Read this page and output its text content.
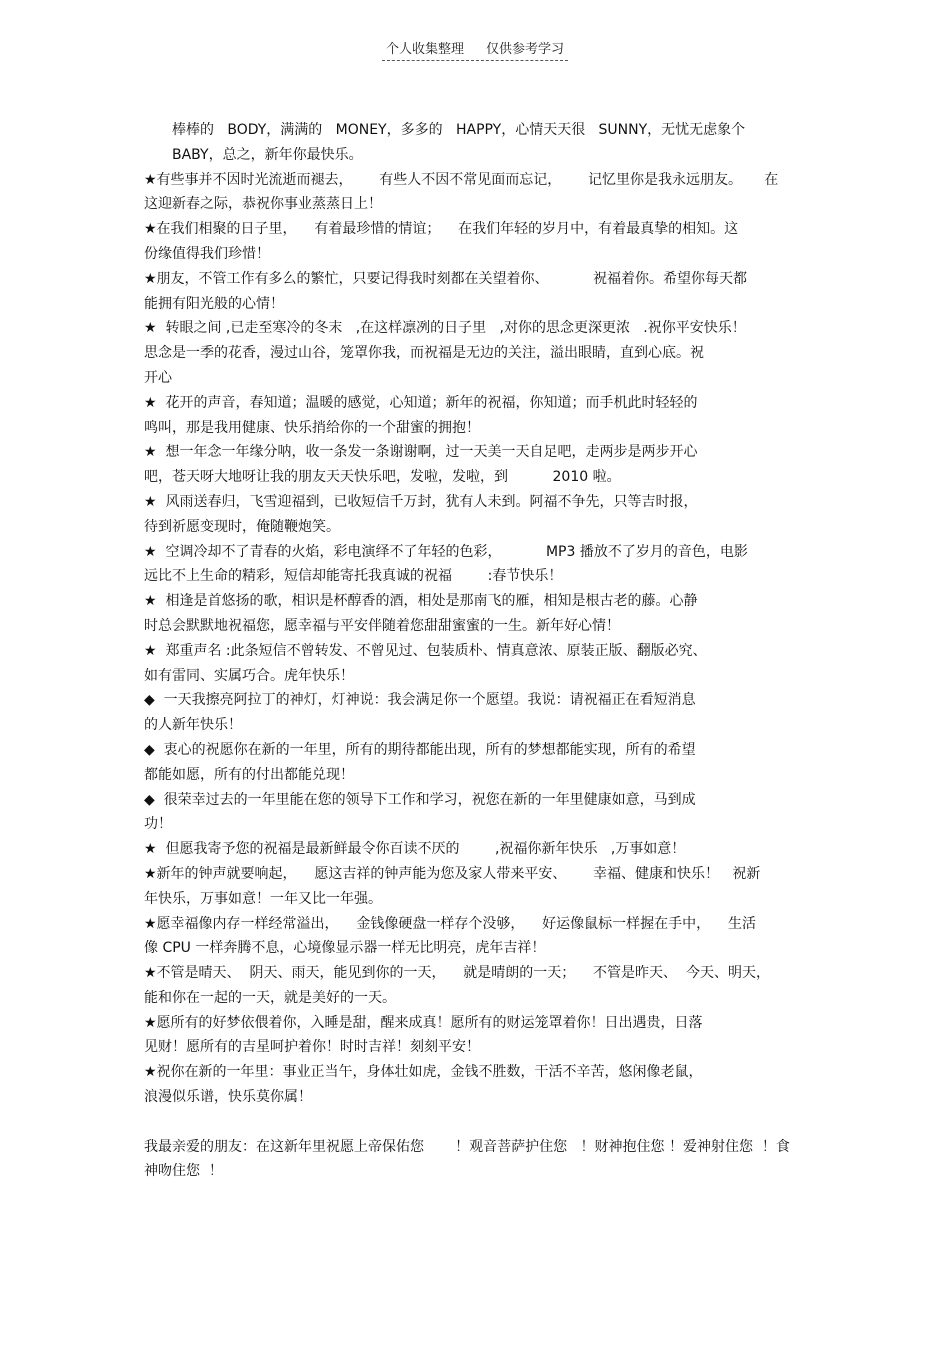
个人收集整理 仅供参考学习
棒棒的   BODY，满满的   MONEY，多多的   HAPPY，心情天天很   SUNNY，无忧无虑象个
BABY，总之，新年你最快乐。
★有些事并不因时光流逝而褪去，      有些人不因不常见面而忘记，      记忆里你是我永远朋友。     在
这迎新春之际，恭祝你事业蒸蒸日上！
★在我们相聚的日子里，    有着最珍惜的情谊；    在我们年轻的岁月中，有着最真挚的相知。这
份缘值得我们珍惜！
★朋友，不管工作有多么的繁忙，只要记得我时刻都在关望着你、          祝福着你。希望你每天都
能拥有阳光般的心情！
★  转眼之间 ,已走至寒冷的冬末   ,在这样凛冽的日子里   ,对你的思念更深更浓   .祝你平安快乐！
思念是一季的花香，漫过山谷，笼罩你我，而祝福是无边的关注，溢出眼睛，直到心底。祝
开心
★  花开的声音，春知道；温暖的感觉，心知道；新年的祝福，你知道；而手机此时轻轻的
鸣叫，那是我用健康、快乐捎给你的一个甜蜜的拥抱！
★  想一年念一年缘分呐，收一条发一条谢谢啊，过一天美一天自足吧，走两步是两步开心
吧，苍天呀大地呀让我的朋友天天快乐吧，发啦，发啦，到          2010 啦。
★  风雨送春归，飞雪迎福到，已收短信千万封，犹有人未到。阿福不争先，只等吉时报，
待到祈愿变现时，俺随鞭炮笑。
★  空调冷却不了青春的火焰，彩电演绎不了年轻的色彩，          MP3 播放不了岁月的音色，电影
远比不上生命的精彩，短信却能寄托我真诚的祝福        :春节快乐！
★  相逢是首悠扬的歌，相识是杯醇香的酒，相处是那南飞的雁，相知是根古老的藤。心静
时总会默默地祝福您，愿幸福与平安伴随着您甜甜蜜蜜的一生。新年好心情！
★  郑重声名 :此条短信不曾转发、不曾见过、包装质朴、情真意浓、原装正版、翻版必究、
如有雷同、实属巧合。虎年快乐！
◆  一天我擦亮阿拉丁的神灯，灯神说：我会满足你一个愿望。我说：请祝福正在看短消息
的人新年快乐！
◆  衷心的祝愿你在新的一年里，所有的期待都能出现，所有的梦想都能实现，所有的希望
都能如愿，所有的付出都能兑现！
◆  很荣幸过去的一年里能在您的领导下工作和学习，祝您在新的一年里健康如意，马到成
功！
★  但愿我寄予您的祝福是最新鲜最令你百读不厌的        ,祝福你新年快乐   ,万事如意！
★新年的钟声就要响起，    愿这吉祥的钟声能为您及家人带来平安、      幸福、健康和快乐！   祝新
年快乐，万事如意！一年又比一年强。
★愿幸福像内存一样经常溢出，    金钱像硬盘一样存个没够，    好运像鼠标一样握在手中，    生活
像 CPU 一样奔腾不息，心境像显示器一样无比明亮，虎年吉祥！
★不管是晴天、  阴天、雨天，能见到你的一天，    就是晴朗的一天；    不管是昨天、  今天、明天，
能和你在一起的一天，就是美好的一天。
★愿所有的好梦依偎着你，入睡是甜，醒来成真！愿所有的财运笼罩着你！日出遇贵，日落
见财！愿所有的吉星呵护着你！时时吉祥！刻刻平安！
★祝你在新的一年里：事业正当午，身体壮如虎，金钱不胜数，干活不辛苦，悠闲像老鼠，
浪漫似乐谱，快乐莫你属！
我最亲爱的朋友：在这新年里祝愿上帝保佑您       ！观音菩萨护住您   ！财神抱住您 ！爱神射住您  ！食
神吻住您  ！
